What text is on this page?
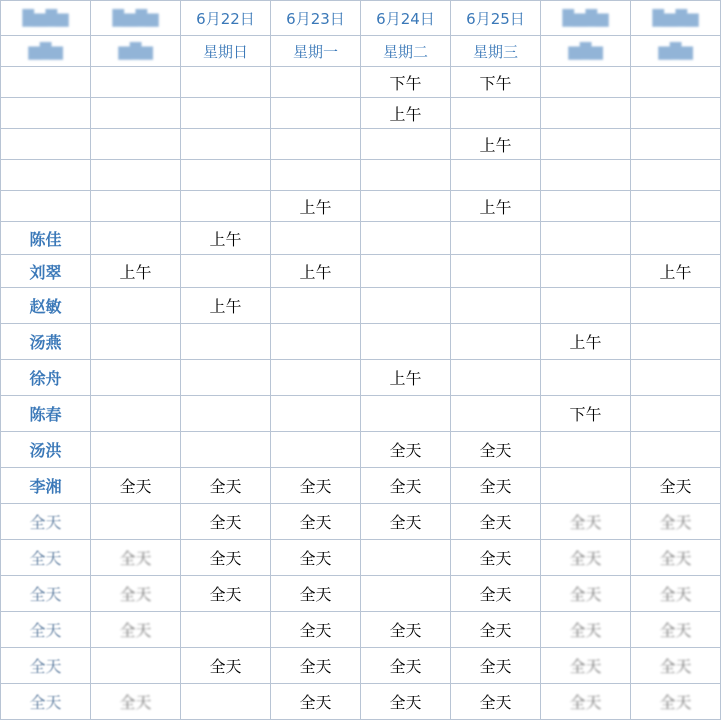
█▆█▆	█▆█▆	6月22日	6月23日	6月24日	6月25日	█▆█▆	█▆█▆
▆█▆	▆█▆	星期日	星期一	星期二	星期三	▆█▆	▆█▆
				下午	下午		
				上午			
					上午		

			上午		上午		
陈佳		上午					
刘翠	上午		上午				上午
赵敏		上午					
汤燕						上午	
徐舟				上午			
陈春						下午	
汤洪				全天	全天		
李湘	全天	全天	全天	全天	全天		全天
全天		全天	全天	全天	全天	全天	全天
全天	全天	全天	全天		全天	全天	全天
全天	全天	全天	全天		全天	全天	全天
全天	全天		全天	全天	全天	全天	全天
全天		全天	全天	全天	全天	全天	全天
全天	全天		全天	全天	全天	全天	全天
